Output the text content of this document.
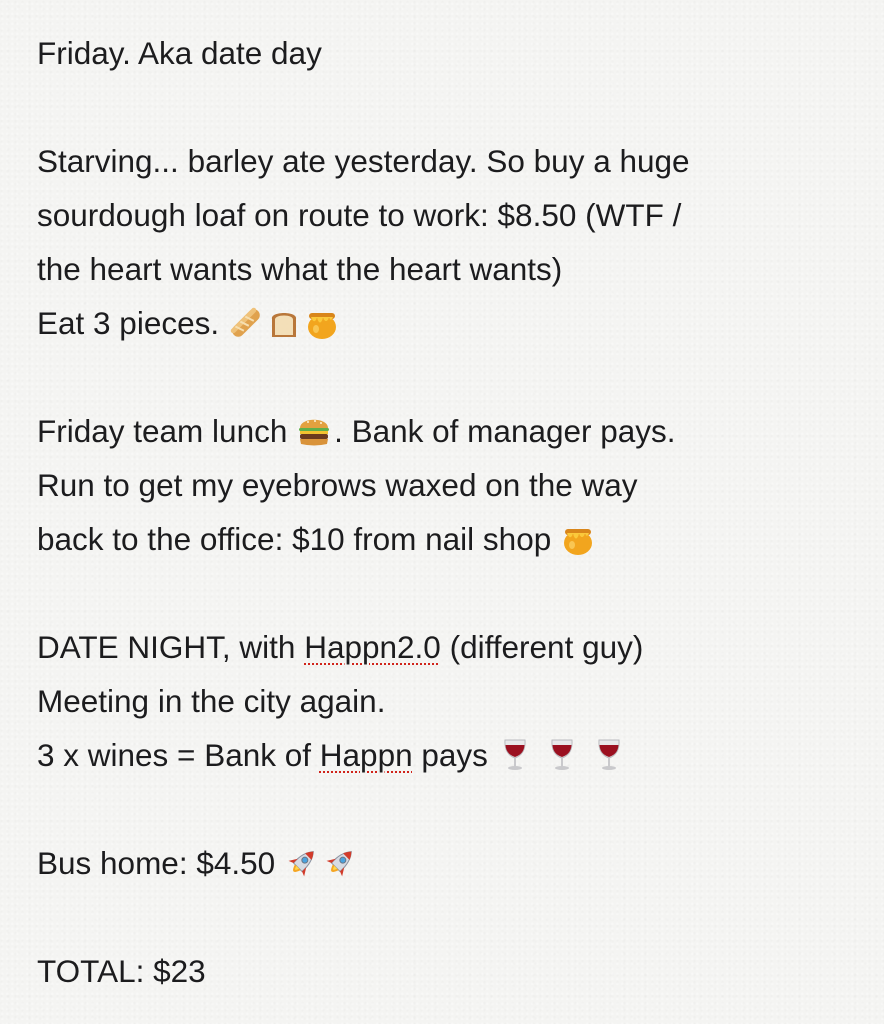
Friday. Aka date day
Starving... barley ate yesterday. So buy a huge
sourdough loaf on route to work: $8.50 (WTF /
the heart wants what the heart wants)
Eat 3 pieces.
Friday team lunch . Bank of manager pays.
Run to get my eyebrows waxed on the way
back to the office: $10 from nail shop
DATE NIGHT, with Happn2.0 (different guy)
Meeting in the city again.
3 x wines = Bank of Happn pays
Bus home: $4.50
TOTAL: $23
